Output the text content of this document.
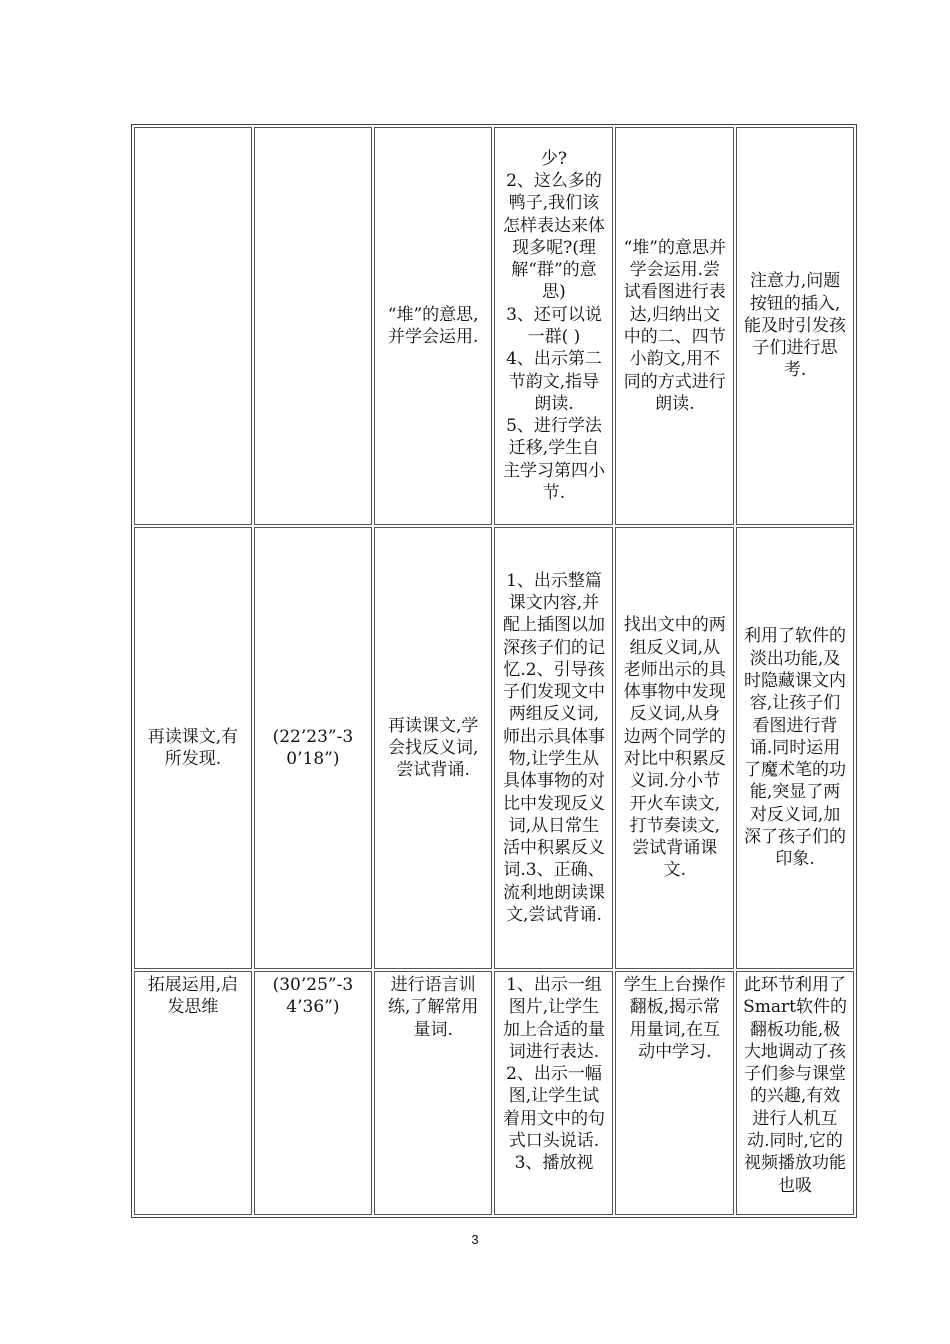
		“堆”的意思,并学会运用.	少?
2、这么多的鸭子,我们该怎样表达来体现多呢?(理解“群”的意思)
3、还可以说一群( )
4、出示第二节韵文,指导朗读.
5、进行学法迁移,学生自主学习第四小节.	“堆”的意思并学会运用.尝试看图进行表达,归纳出文中的二、四节小韵文,用不同的方式进行朗读.	注意力,问题按钮的插入,能及时引发孩子们进行思考.
再读课文,有所发现.	(22’23”-30’18”)	再读课文,学会找反义词,尝试背诵.	1、出示整篇课文内容,并配上插图以加深孩子们的记忆.2、引导孩子们发现文中两组反义词,师出示具体事物,让学生从具体事物的对比中发现反义词,从日常生活中积累反义词.3、正确、流利地朗读课文,尝试背诵.	找出文中的两组反义词,从老师出示的具体事物中发现反义词,从身边两个同学的对比中积累反义词.分小节开火车读文,打节奏读文,尝试背诵课文.	利用了软件的淡出功能,及时隐藏课文内容,让孩子们看图进行背诵.同时运用了魔术笔的功能,突显了两对反义词,加深了孩子们的印象.
拓展运用,启发思维	(30’25”-34’36”)	进行语言训练,了解常用量词.	1、出示一组图片,让学生加上合适的量词进行表达.
2、出示一幅图,让学生试着用文中的句式口头说话.
3、播放视	学生上台操作翻板,揭示常用量词,在互动中学习.	此环节利用了Smart软件的翻板功能,极大地调动了孩子们参与课堂的兴趣,有效进行人机互动.同时,它的视频播放功能也吸
3
